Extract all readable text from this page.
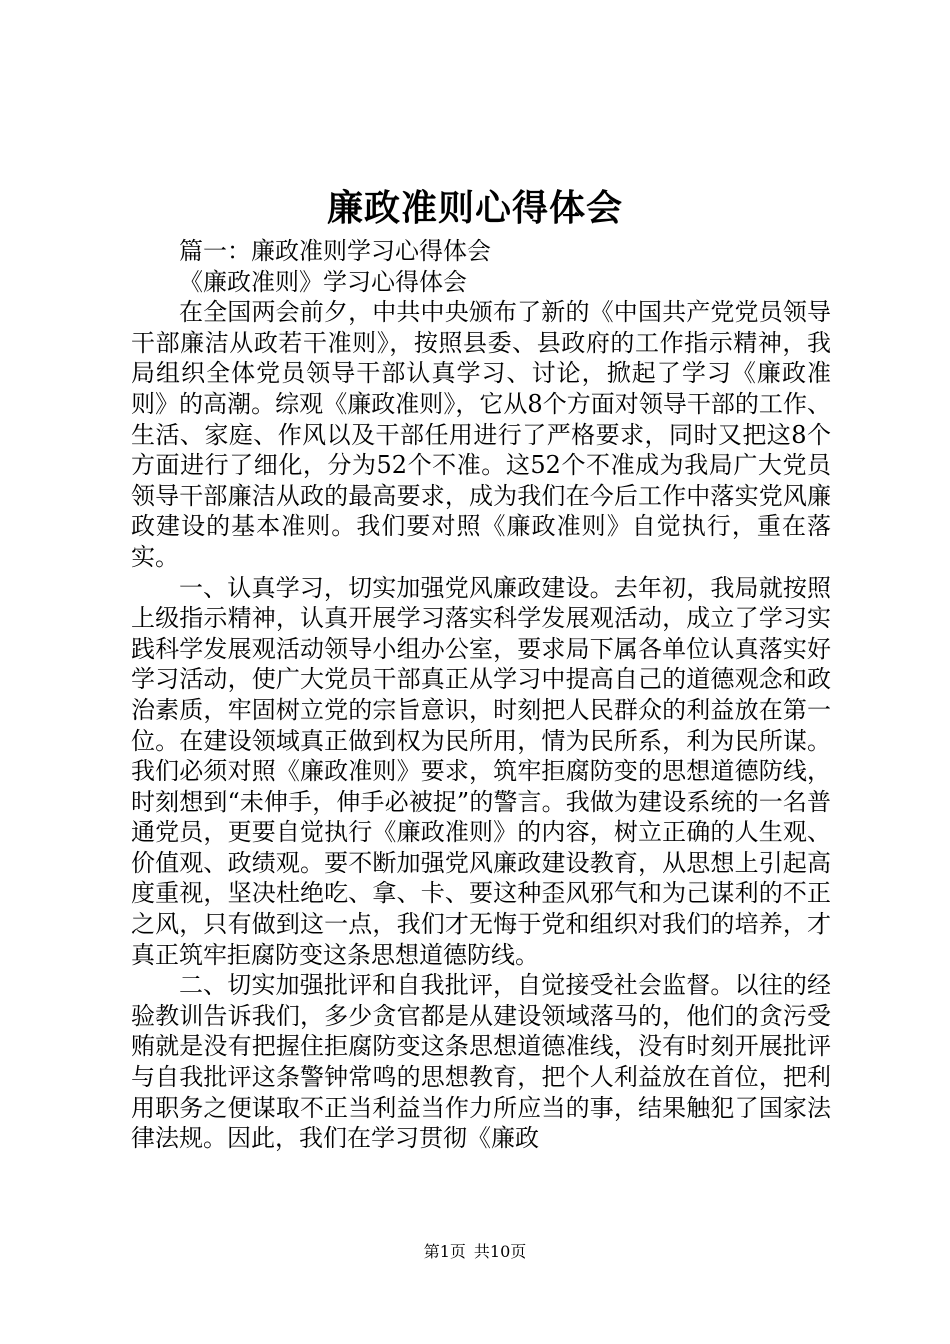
廉政准则心得体会

篇一：廉政准则学习心得体会

《廉政准则》学习心得体会

在全国两会前夕，中共中央颁布了新的《中国共产党党员领导干部廉洁从政若干准则》，按照县委、县政府的工作指示精神，我局组织全体党员领导干部认真学习、讨论，掀起了学习《廉政准则》的高潮。综观《廉政准则》，它从8个方面对领导干部的工作、生活、家庭、作风以及干部任用进行了严格要求，同时又把这8个方面进行了细化，分为52个不准。这52个不准成为我局广大党员领导干部廉洁从政的最高要求，成为我们在今后工作中落实党风廉政建设的基本准则。我们要对照《廉政准则》自觉执行，重在落实。

一、认真学习，切实加强党风廉政建设。去年初，我局就按照上级指示精神，认真开展学习落实科学发展观活动，成立了学习实践科学发展观活动领导小组办公室，要求局下属各单位认真落实好学习活动，使广大党员干部真正从学习中提高自己的道德观念和政治素质，牢固树立党的宗旨意识，时刻把人民群众的利益放在第一位。在建设领域真正做到权为民所用，情为民所系，利为民所谋。我们必须对照《廉政准则》要求，筑牢拒腐防变的思想道德防线，时刻想到“未伸手，伸手必被捉”的警言。我做为建设系统的一名普通党员，更要自觉执行《廉政准则》的内容，树立正确的人生观、价值观、政绩观。要不断加强党风廉政建设教育，从思想上引起高度重视，坚决杜绝吃、拿、卡、要这种歪风邪气和为己谋利的不正之风，只有做到这一点，我们才无悔于党和组织对我们的培养，才真正筑牢拒腐防变这条思想道德防线。

二、切实加强批评和自我批评，自觉接受社会监督。以往的经验教训告诉我们，多少贪官都是从建设领域落马的，他们的贪污受贿就是没有把握住拒腐防变这条思想道德准线，没有时刻开展批评与自我批评这条警钟常鸣的思想教育，把个人利益放在首位，把利用职务之便谋取不正当利益当作力所应当的事，结果触犯了国家法律法规。因此，我们在学习贯彻《廉政

第1页 共10页
